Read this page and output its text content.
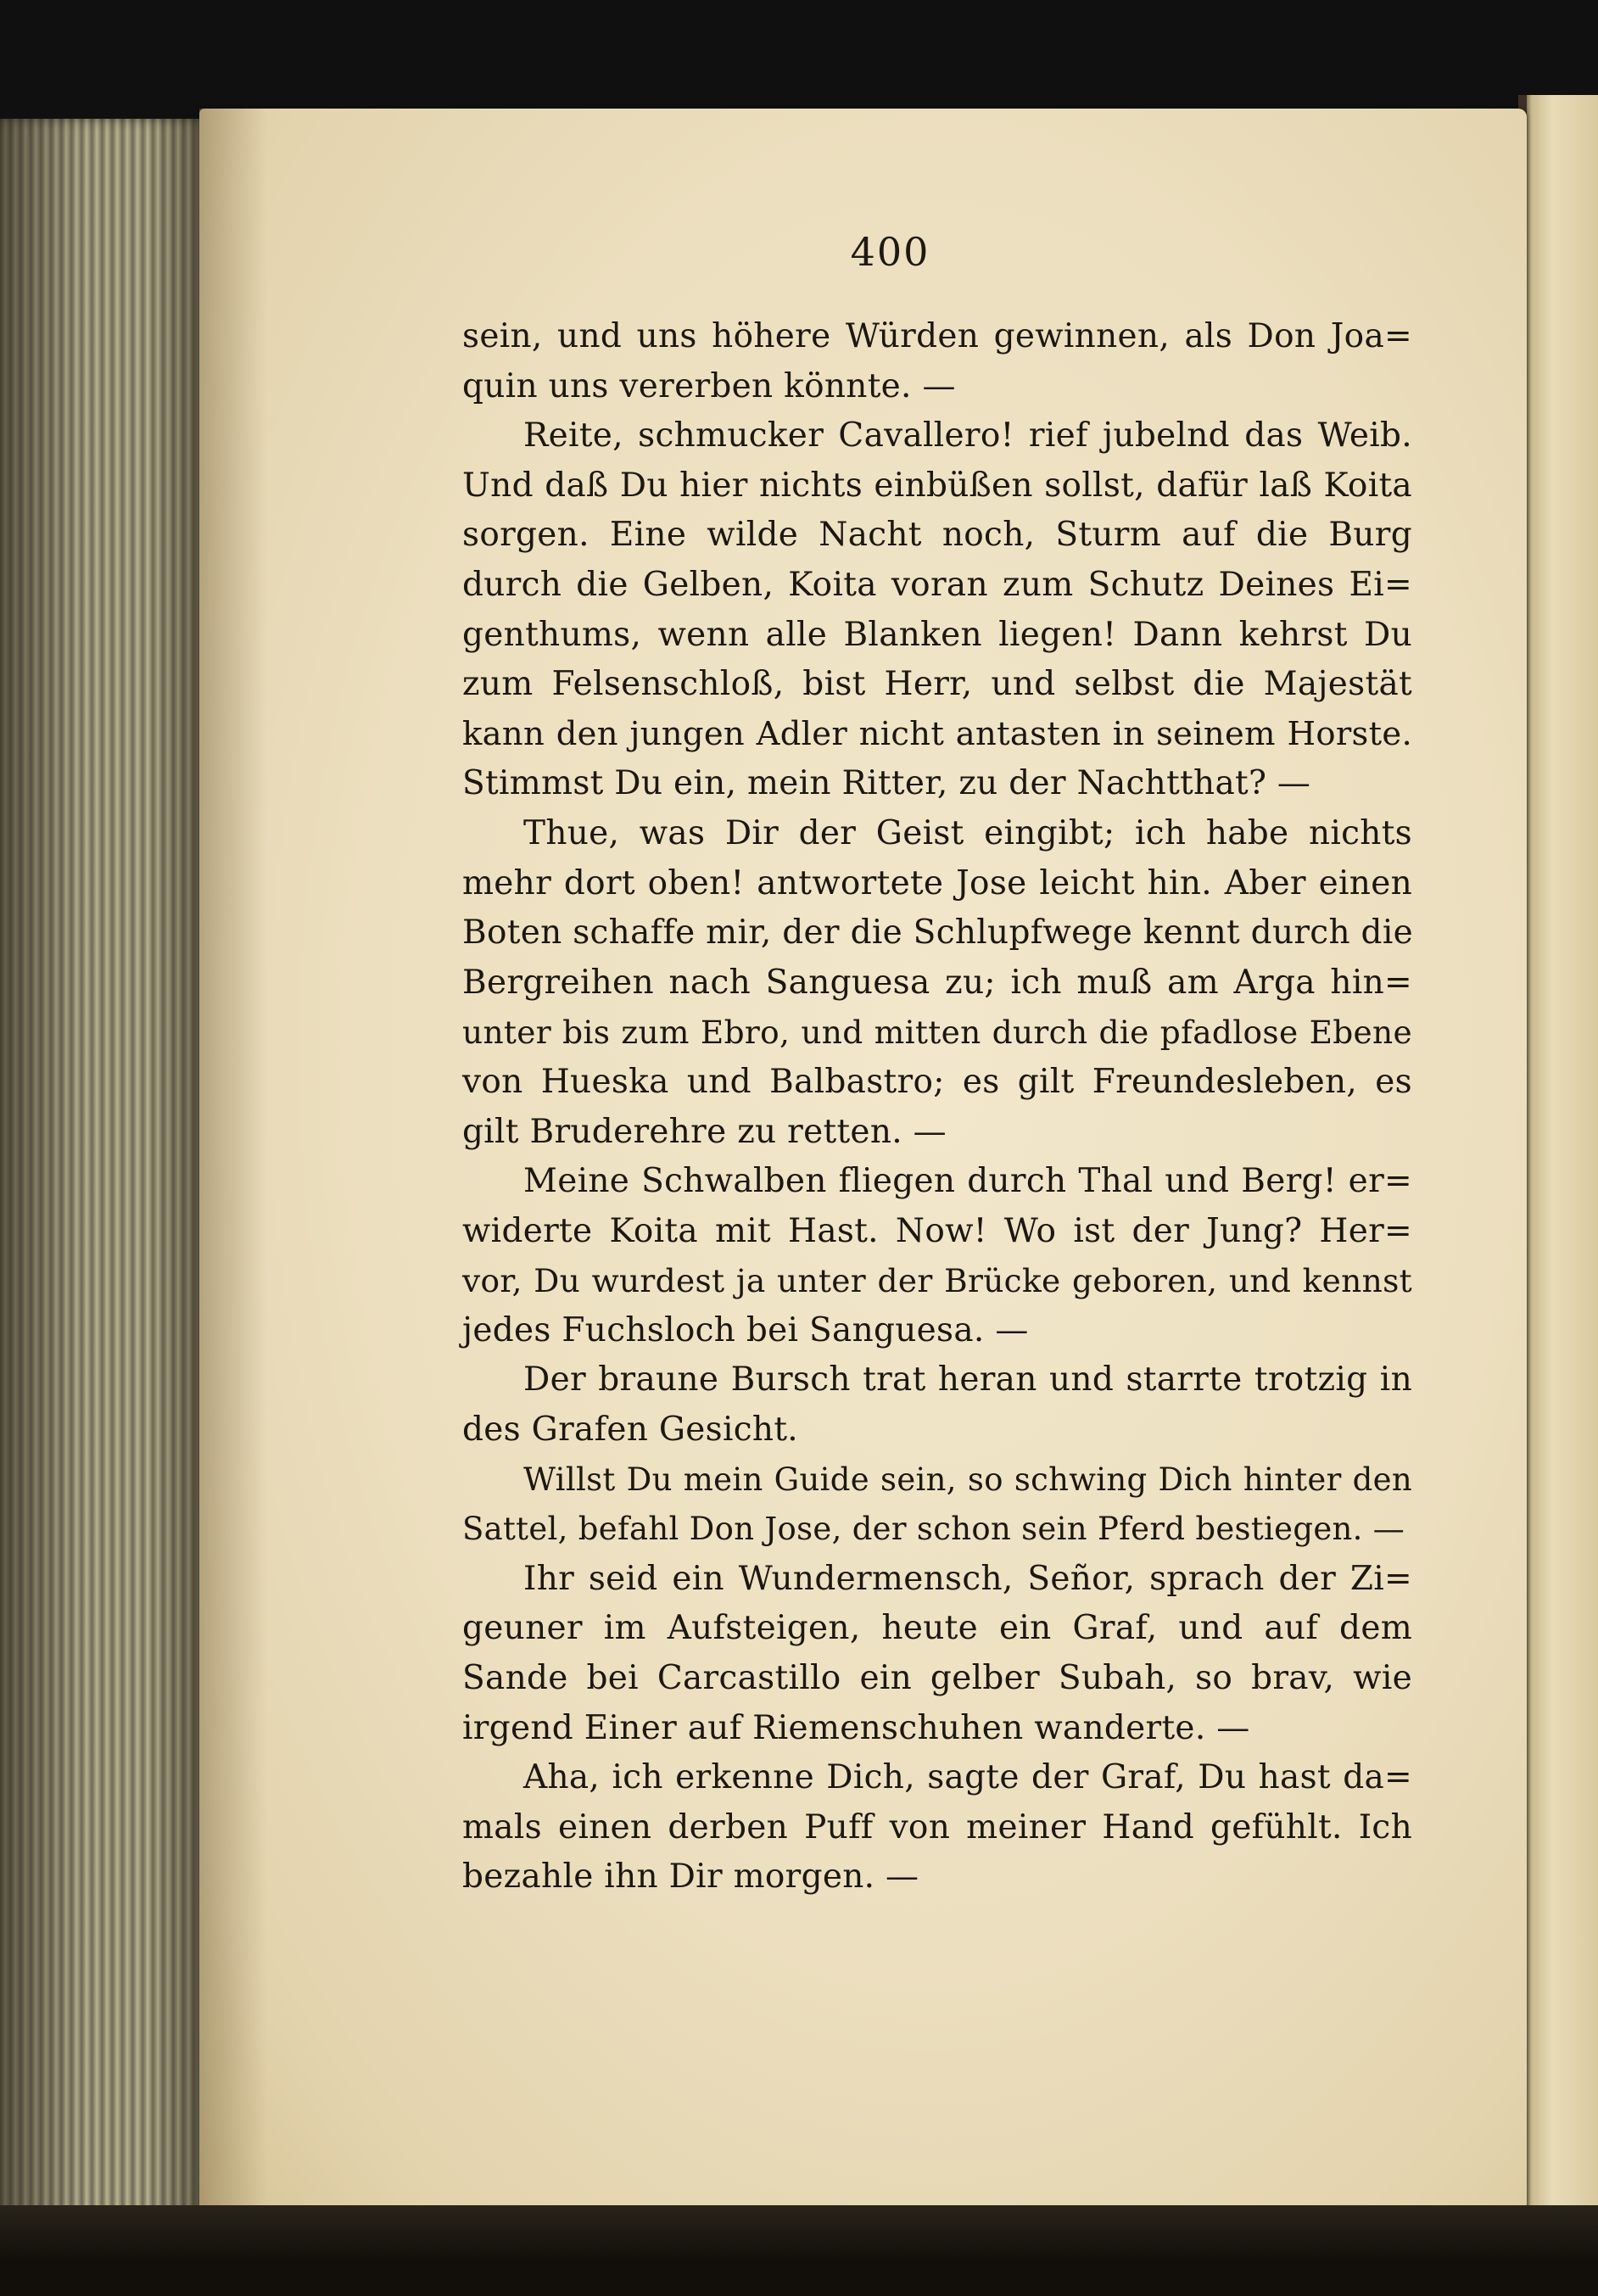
400
sein, und uns höhere Würden gewinnen, als Don Joa=
quin uns vererben könnte. —
Reite, schmucker Cavallero! rief jubelnd das Weib.
Und daß Du hier nichts einbüßen sollst, dafür laß Koita
sorgen. Eine wilde Nacht noch, Sturm auf die Burg
durch die Gelben, Koita voran zum Schutz Deines Ei=
genthums, wenn alle Blanken liegen! Dann kehrst Du
zum Felsenschloß, bist Herr, und selbst die Majestät
kann den jungen Adler nicht antasten in seinem Horste.
Stimmst Du ein, mein Ritter, zu der Nachtthat? —
Thue, was Dir der Geist eingibt; ich habe nichts
mehr dort oben! antwortete Jose leicht hin. Aber einen
Boten schaffe mir, der die Schlupfwege kennt durch die
Bergreihen nach Sanguesa zu; ich muß am Arga hin=
unter bis zum Ebro, und mitten durch die pfadlose Ebene
von Hueska und Balbastro; es gilt Freundesleben, es
gilt Bruderehre zu retten. —
Meine Schwalben fliegen durch Thal und Berg! er=
widerte Koita mit Hast. Now! Wo ist der Jung? Her=
vor, Du wurdest ja unter der Brücke geboren, und kennst
jedes Fuchsloch bei Sanguesa. —
Der braune Bursch trat heran und starrte trotzig in
des Grafen Gesicht.
Willst Du mein Guide sein, so schwing Dich hinter den
Sattel, befahl Don Jose, der schon sein Pferd bestiegen. —
Ihr seid ein Wundermensch, Señor, sprach der Zi=
geuner im Aufsteigen, heute ein Graf, und auf dem
Sande bei Carcastillo ein gelber Subah, so brav, wie
irgend Einer auf Riemenschuhen wanderte. —
Aha, ich erkenne Dich, sagte der Graf, Du hast da=
mals einen derben Puff von meiner Hand gefühlt. Ich
bezahle ihn Dir morgen. —
